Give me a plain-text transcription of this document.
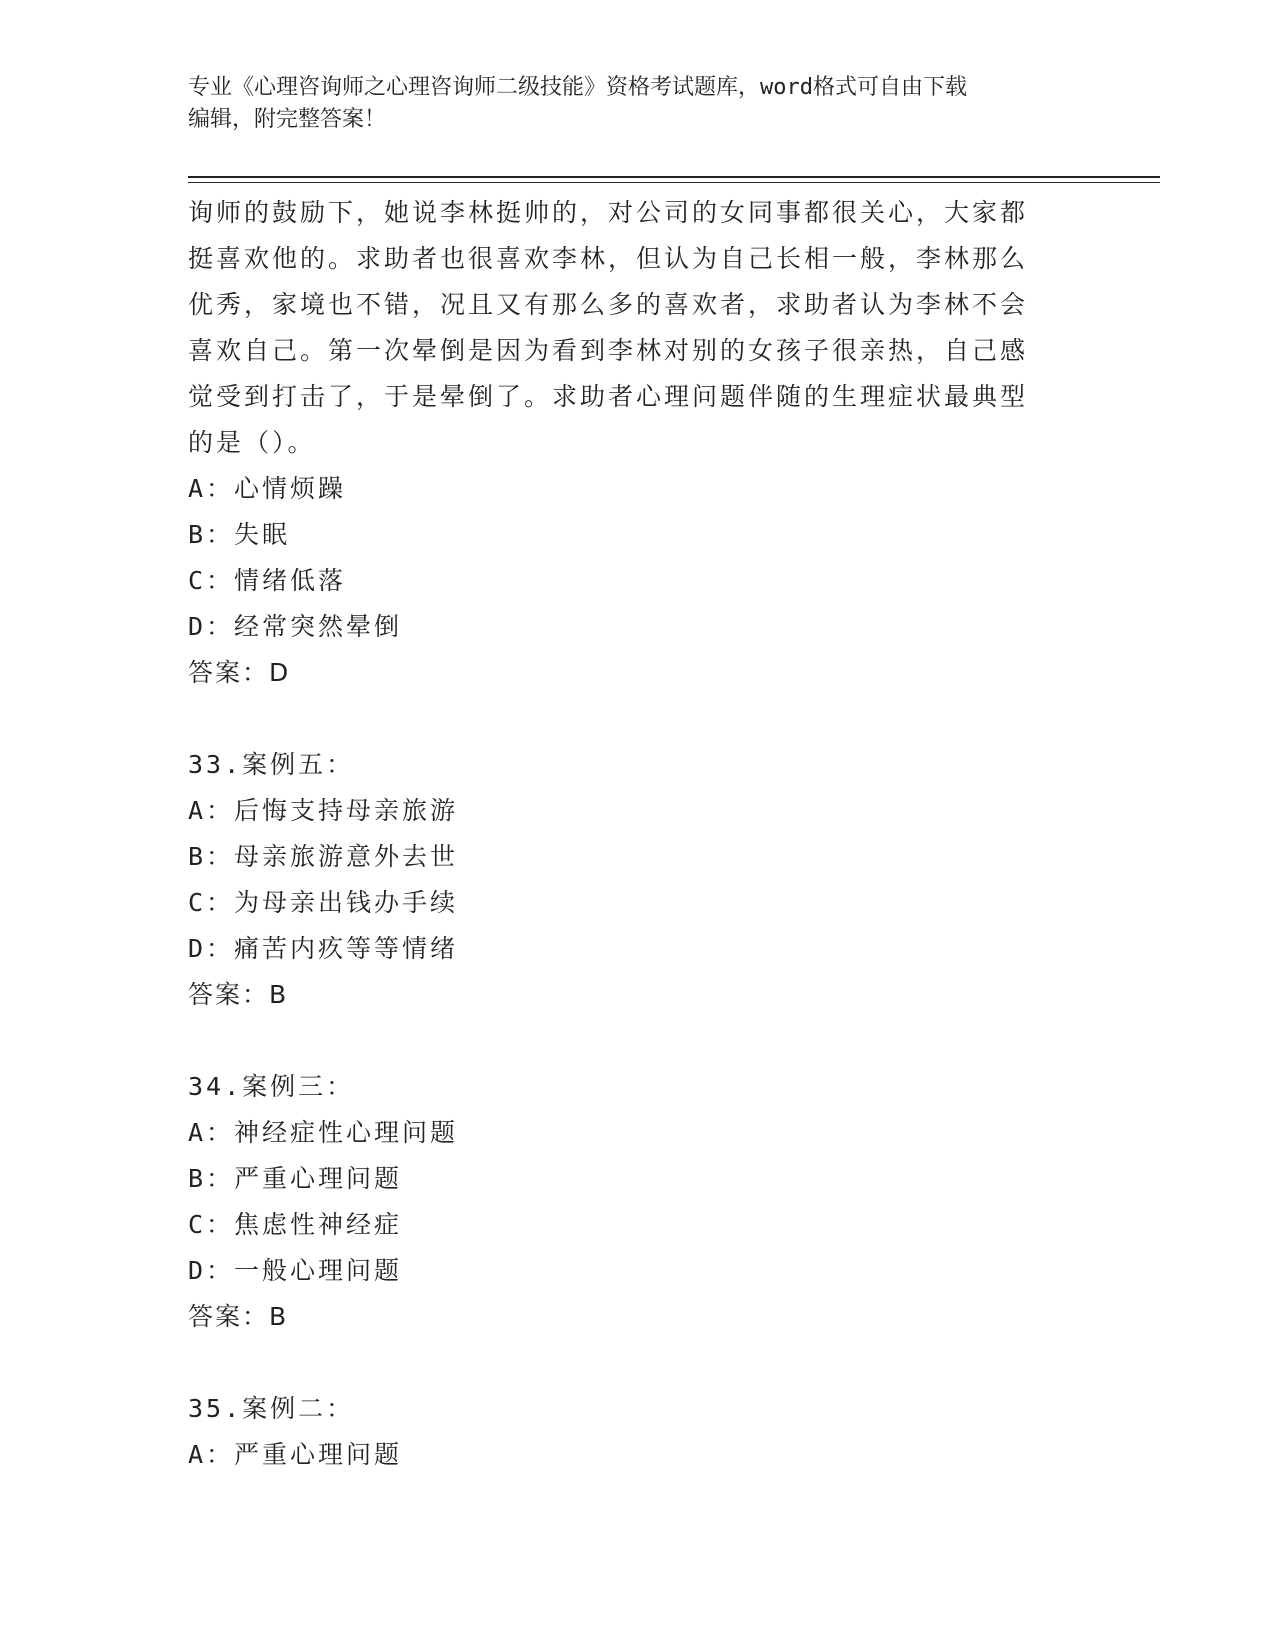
专业《心理咨询师之心理咨询师二级技能》资格考试题库，word格式可自由下载
编辑，附完整答案！
询师的鼓励下，她说李林挺帅的，对公司的女同事都很关心，大家都
挺喜欢他的。求助者也很喜欢李林，但认为自己长相一般，李林那么
优秀，家境也不错，况且又有那么多的喜欢者，求助者认为李林不会
喜欢自己。第一次晕倒是因为看到李林对别的女孩子很亲热，自己感
觉受到打击了，于是晕倒了。求助者心理问题伴随的生理症状最典型
的是（）。
A：心情烦躁
B：失眠
C：情绪低落
D：经常突然晕倒
答案：D
33.案例五：
A：后悔支持母亲旅游
B：母亲旅游意外去世
C：为母亲出钱办手续
D：痛苦内疚等等情绪
答案：B
34.案例三：
A：神经症性心理问题
B：严重心理问题
C：焦虑性神经症
D：一般心理问题
答案：B
35.案例二：
A：严重心理问题
